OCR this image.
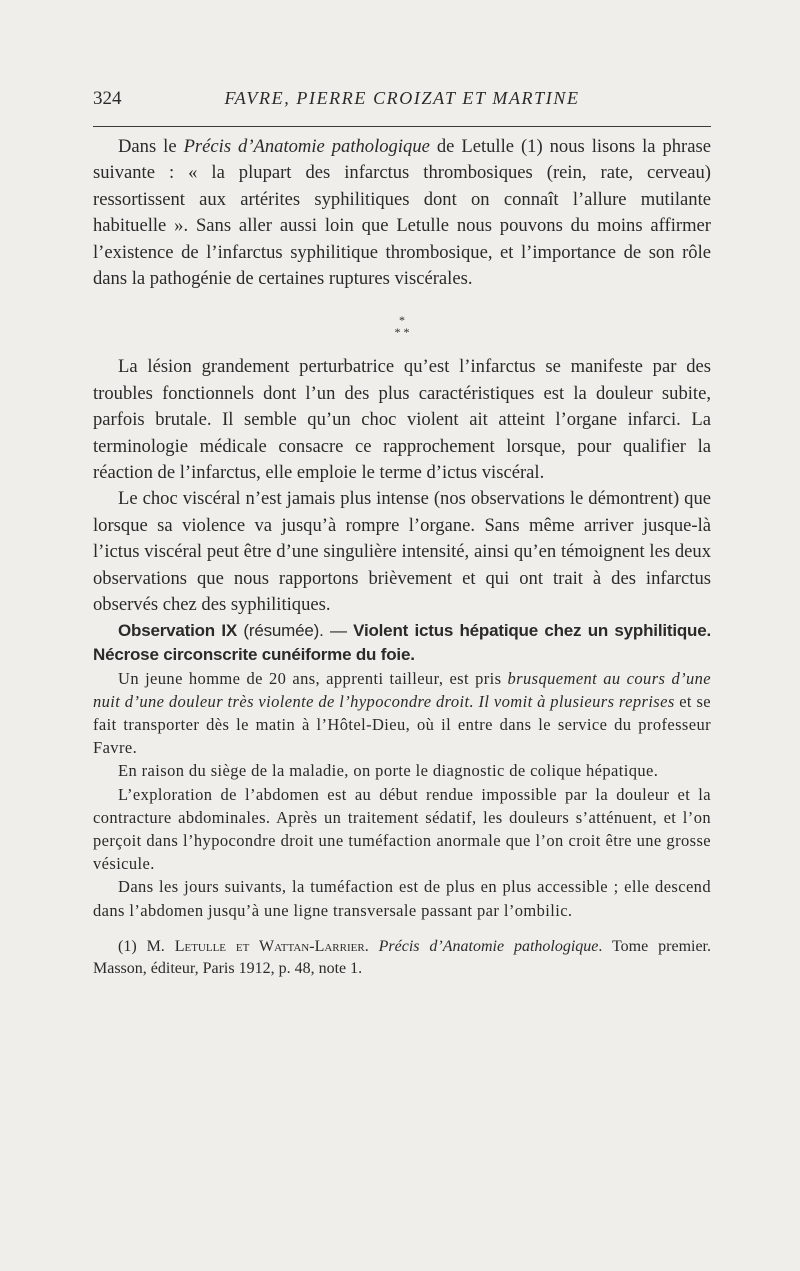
324	FAVRE, PIERRE CROIZAT ET MARTINE

Dans le Précis d’Anatomie pathologique de Letulle (1) nous lisons la phrase suivante : « la plupart des infarctus thrombosiques (rein, rate, cerveau) ressortissent aux artérites syphilitiques dont on connaît l’allure mutilante habituelle ». Sans aller aussi loin que Letulle nous pouvons du moins affirmer l’existence de l’infarctus syphilitique thrombosique, et l’importance de son rôle dans la pathogénie de certaines ruptures viscérales.

*
* *

La lésion grandement perturbatrice qu’est l’infarctus se manifeste par des troubles fonctionnels dont l’un des plus caractéristiques est la douleur subite, parfois brutale. Il semble qu’un choc violent ait atteint l’organe infarci. La terminologie médicale consacre ce rapprochement lorsque, pour qualifier la réaction de l’infarctus, elle emploie le terme d’ictus viscéral.

Le choc viscéral n’est jamais plus intense (nos observations le démontrent) que lorsque sa violence va jusqu’à rompre l’organe. Sans même arriver jusque-là l’ictus viscéral peut être d’une singulière intensité, ainsi qu’en témoignent les deux observations que nous rapportons brièvement et qui ont trait à des infarctus observés chez des syphilitiques.

Observation IX (résumée). — Violent ictus hépatique chez un syphilitique. Nécrose circonscrite cunéiforme du foie.

Un jeune homme de 20 ans, apprenti tailleur, est pris brusquement au cours d’une nuit d’une douleur très violente de l’hypocondre droit. Il vomit à plusieurs reprises et se fait transporter dès le matin à l’Hôtel-Dieu, où il entre dans le service du professeur Favre.

En raison du siège de la maladie, on porte le diagnostic de colique hépatique.

L’exploration de l’abdomen est au début rendue impossible par la douleur et la contracture abdominales. Après un traitement sédatif, les douleurs s’atténuent, et l’on perçoit dans l’hypocondre droit une tuméfaction anormale que l’on croit être une grosse vésicule.

Dans les jours suivants, la tuméfaction est de plus en plus accessible ; elle descend dans l’abdomen jusqu’à une ligne transversale passant par l’ombilic.

(1) M. Letulle et Wattan-Larrier. Précis d’Anatomie pathologique. Tome premier. Masson, éditeur, Paris 1912, p. 48, note 1.
